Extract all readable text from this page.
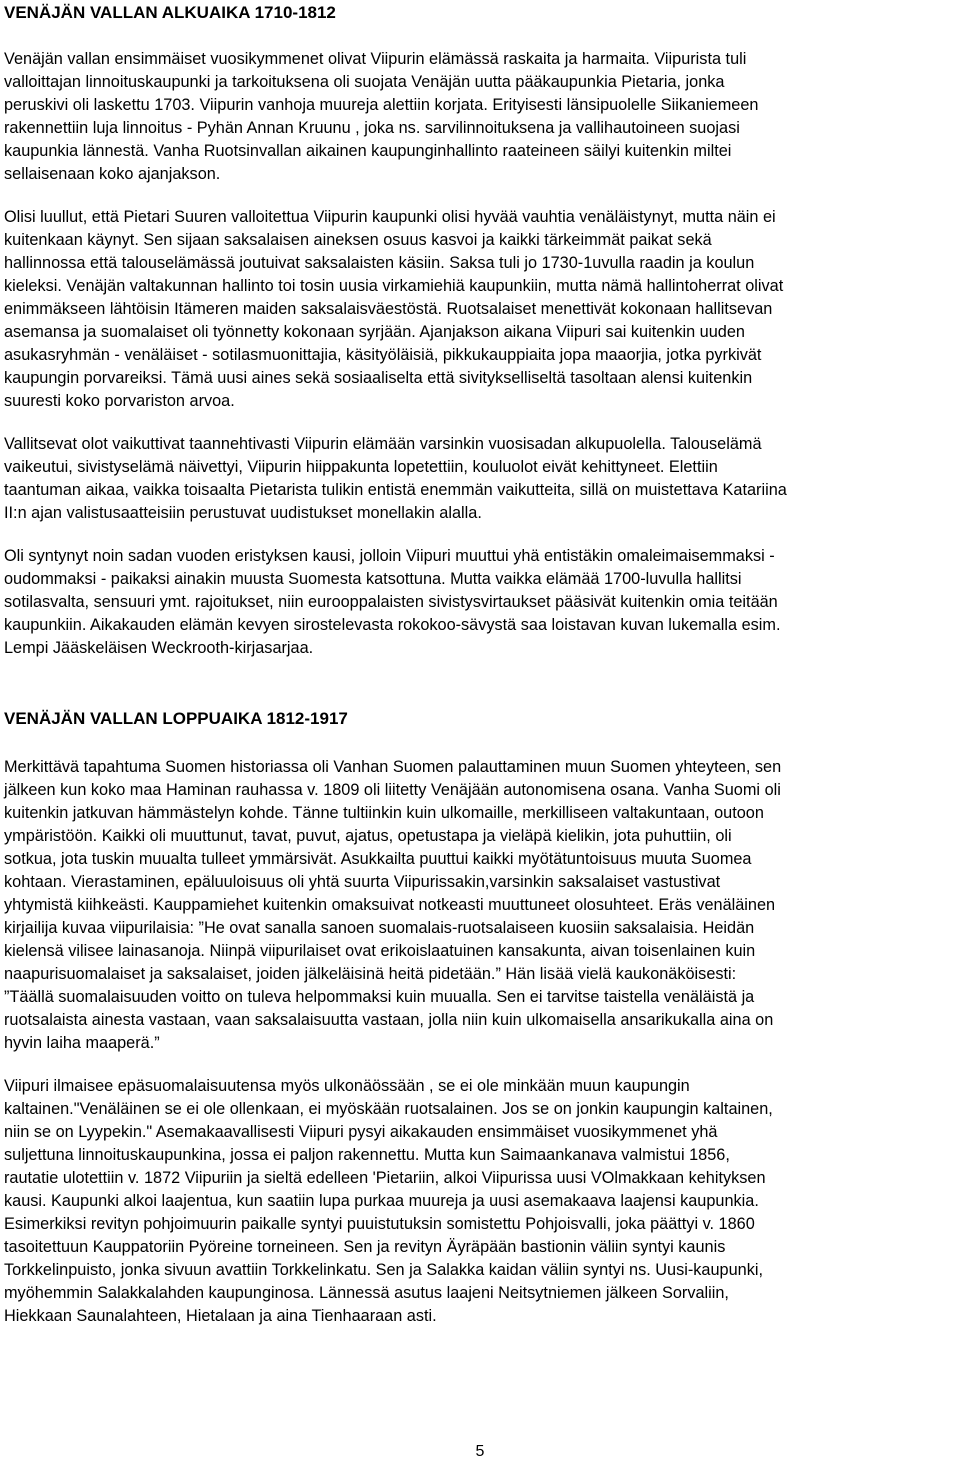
VENÄJÄN VALLAN ALKUAIKA 1710-1812
Venäjän vallan ensimmäiset vuosikymmenet olivat Viipurin elämässä raskaita ja harmaita. Viipurista tuli
valloittajan linnoituskaupunki ja tarkoituksena oli suojata Venäjän uutta pääkaupunkia Pietaria, jonka
peruskivi oli laskettu 1703. Viipurin vanhoja muureja alettiin korjata. Erityisesti länsipuolelle Siikaniemeen
rakennettiin luja linnoitus - Pyhän Annan Kruunu , joka ns. sarvilinnoituksena ja vallihautoineen suojasi
kaupunkia lännestä. Vanha Ruotsinvallan aikainen kaupunginhallinto raateineen säilyi kuitenkin miltei
sellaisenaan koko ajanjakson.
Olisi luullut, että Pietari Suuren valloitettua Viipurin kaupunki olisi hyvää vauhtia venäläistynyt, mutta näin ei
kuitenkaan käynyt. Sen sijaan saksalaisen aineksen osuus kasvoi ja kaikki tärkeimmät paikat sekä
hallinnossa että talouselämässä joutuivat saksalaisten käsiin. Saksa tuli jo 1730-1uvulla raadin ja koulun
kieleksi. Venäjän valtakunnan hallinto toi tosin uusia virkamiehiä kaupunkiin, mutta nämä hallintoherrat olivat
enimmäkseen lähtöisin Itämeren maiden saksalaisväestöstä. Ruotsalaiset menettivät kokonaan hallitsevan
asemansa ja suomalaiset oli työnnetty kokonaan syrjään. Ajanjakson aikana Viipuri sai kuitenkin uuden
asukasryhmän - venäläiset - sotilasmuonittajia, käsityöläisiä, pikkukauppiaita jopa maaorjia, jotka pyrkivät
kaupungin porvareiksi. Tämä uusi aines sekä sosiaaliselta että sivitykselliseltä tasoltaan alensi kuitenkin
suuresti koko porvariston arvoa.
Vallitsevat olot vaikuttivat taannehtivasti Viipurin elämään varsinkin vuosisadan alkupuolella. Talouselämä
vaikeutui, sivistyselämä näivettyi, Viipurin hiippakunta lopetettiin, kouluolot eivät kehittyneet. Elettiin
taantuman aikaa, vaikka toisaalta Pietarista tulikin entistä enemmän vaikutteita, sillä on muistettava Katariina
II:n ajan valistusaatteisiin perustuvat uudistukset monellakin alalla.
Oli syntynyt noin sadan vuoden eristyksen kausi, jolloin Viipuri muuttui yhä entistäkin omaleimaisemmaksi -
oudommaksi - paikaksi ainakin muusta Suomesta katsottuna. Mutta vaikka elämää 1700-luvulla hallitsi
sotilasvalta, sensuuri ymt. rajoitukset, niin eurooppalaisten sivistysvirtaukset pääsivät kuitenkin omia teitään
kaupunkiin. Aikakauden elämän kevyen sirostelevasta rokokoo-sävystä saa loistavan kuvan lukemalla esim.
Lempi Jääskeläisen Weckrooth-kirjasarjaa.
VENÄJÄN VALLAN LOPPUAIKA 1812-1917
Merkittävä tapahtuma Suomen historiassa oli Vanhan Suomen palauttaminen muun Suomen yhteyteen, sen
jälkeen kun koko maa Haminan rauhassa v. 1809 oli liitetty Venäjään autonomisena osana. Vanha Suomi oli
kuitenkin jatkuvan hämmästelyn kohde. Tänne tultiinkin kuin ulkomaille, merkilliseen valtakuntaan, outoon
ympäristöön. Kaikki oli muuttunut, tavat, puvut, ajatus, opetustapa ja vieläpä kielikin, jota puhuttiin, oli
sotkua, jota tuskin muualta tulleet ymmärsivät. Asukkailta puuttui kaikki myötätuntoisuus muuta Suomea
kohtaan. Vierastaminen, epäluuloisuus oli yhtä suurta Viipurissakin,varsinkin saksalaiset vastustivat
yhtymistä kiihkeästi. Kauppamiehet kuitenkin omaksuivat notkeasti muuttuneet olosuhteet. Eräs venäläinen
kirjailija kuvaa viipurilaisia: ”He ovat sanalla sanoen suomalais-ruotsalaiseen kuosiin saksalaisia. Heidän
kielensä vilisee lainasanoja. Niinpä viipurilaiset ovat erikoislaatuinen kansakunta, aivan toisenlainen kuin
naapurisuomalaiset ja saksalaiset, joiden jälkeläisinä heitä pidetään.” Hän lisää vielä kaukonäköisesti:
”Täällä suomalaisuuden voitto on tuleva helpommaksi kuin muualla. Sen ei tarvitse taistella venäläistä ja
ruotsalaista ainesta vastaan, vaan saksalaisuutta vastaan, jolla niin kuin ulkomaisella ansarikukalla aina on
hyvin laiha maaperä.”
Viipuri ilmaisee epäsuomalaisuutensa myös ulkonäössään , se ei ole minkään muun kaupungin
kaltainen."Venäläinen se ei ole ollenkaan, ei myöskään ruotsalainen. Jos se on jonkin kaupungin kaltainen,
niin se on Lyypekin." Asemakaavallisesti Viipuri pysyi aikakauden ensimmäiset vuosikymmenet yhä
suljettuna linnoituskaupunkina, jossa ei paljon rakennettu. Mutta kun Saimaankanava valmistui 1856,
rautatie ulotettiin v. 1872 Viipuriin ja sieltä edelleen 'Pietariin, alkoi Viipurissa uusi VOlmakkaan kehityksen
kausi. Kaupunki alkoi laajentua, kun saatiin lupa purkaa muureja ja uusi asemakaava laajensi kaupunkia.
Esimerkiksi revityn pohjoimuurin paikalle syntyi puuistutuksin somistettu Pohjoisvalli, joka päättyi v. 1860
tasoitettuun Kauppatoriin Pyöreine torneineen. Sen ja revityn Äyräpään bastionin väliin syntyi kaunis
Torkkelinpuisto, jonka sivuun avattiin Torkkelinkatu. Sen ja Salakka kaidan väliin syntyi ns. Uusi-kaupunki,
myöhemmin Salakkalahden kaupunginosa. Lännessä asutus laajeni Neitsytniemen jälkeen Sorvaliin,
Hiekkaan Saunalahteen, Hietalaan ja aina Tienhaaraan asti.
5
